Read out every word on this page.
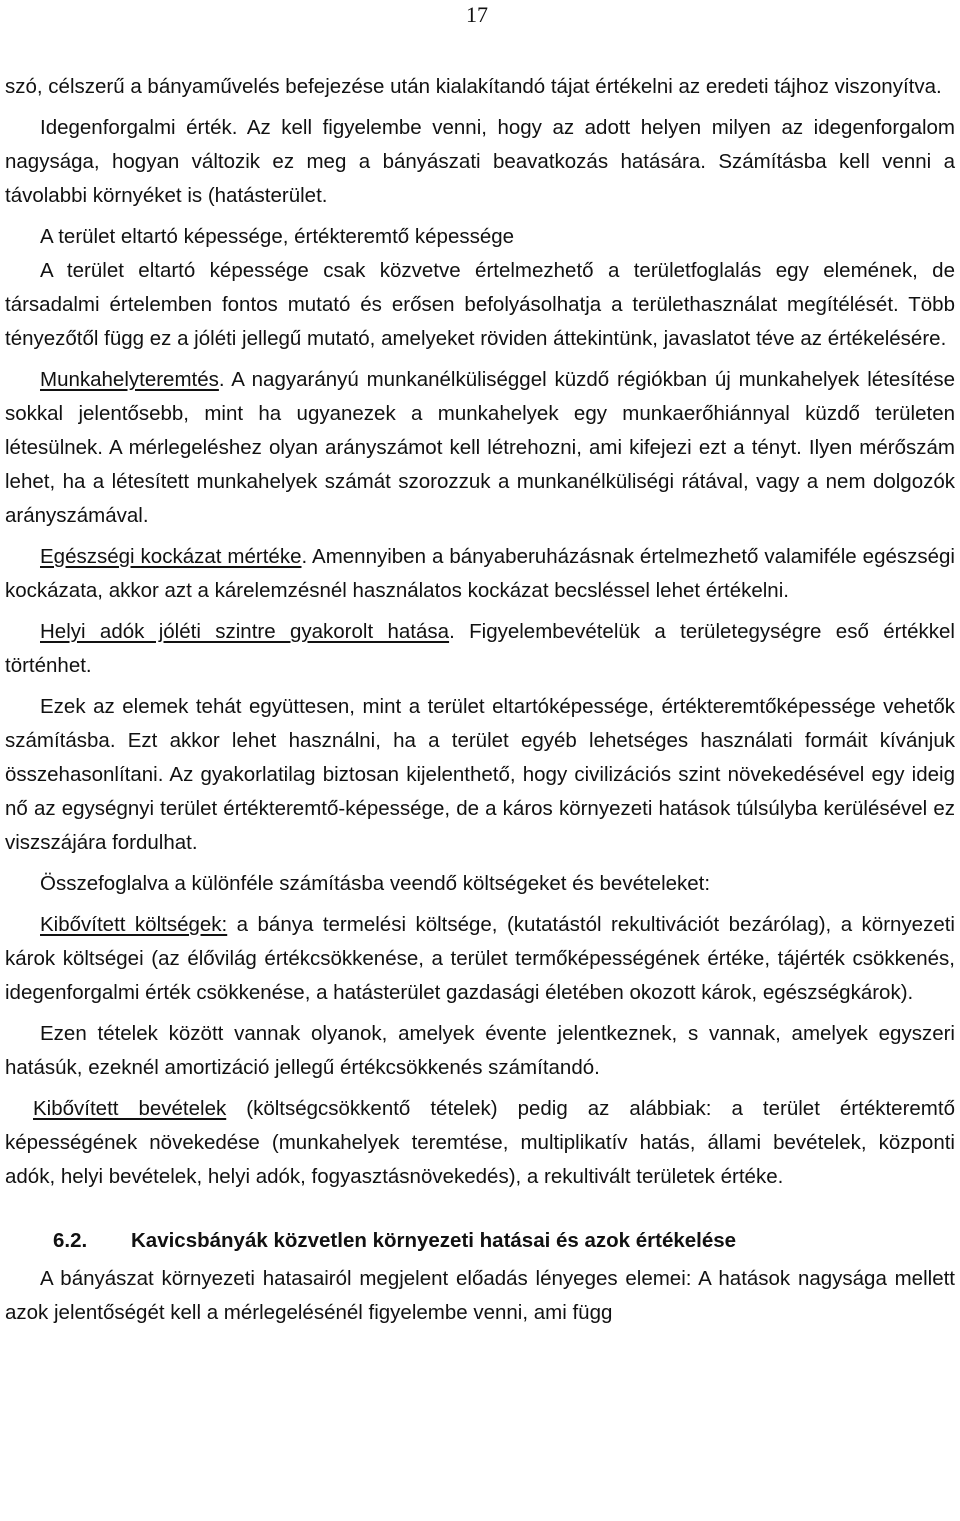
17

szó, célszerű a bányaművelés befejezése után kialakítandó tájat értékelni az eredeti tájhoz viszonyítva.

Idegenforgalmi érték. Az kell figyelembe venni, hogy az adott helyen milyen az idegenforgalom nagysága, hogyan változik ez meg a bányászati beavatkozás hatására. Számításba kell venni a távolabbi környéket is (hatásterület.

A terület eltartó képessége, értékteremtő képessége

A terület eltartó képessége csak közvetve értelmezhető a területfoglalás egy elemének, de társadalmi értelemben fontos mutató és erősen befolyásolhatja a területhasználat megítélését. Több tényezőtől függ ez a jóléti jellegű mutató, amelyeket röviden áttekintünk, javaslatot téve az értékelésére.

Munkahelyteremtés. A nagyarányú munkanélküliséggel küzdő régiókban új munkahelyek létesítése sokkal jelentősebb, mint ha ugyanezek a munkahelyek egy munkaerőhiánnyal küzdő területen létesülnek. A mérlegeléshez olyan arányszámot kell létrehozni, ami kifejezi ezt a tényt. Ilyen mérőszám lehet, ha a létesített munkahelyek számát szorozzuk a munkanélküliségi rátával, vagy a nem dolgozók arányszámával.

Egészségi kockázat mértéke. Amennyiben a bányaberuházásnak értelmezhető valamiféle egészségi kockázata, akkor azt a kárelemzésnél használatos kockázat becsléssel lehet értékelni.

Helyi adók jóléti szintre gyakorolt hatása. Figyelembevételük a területegységre eső értékkel történhet.

Ezek az elemek tehát együttesen, mint a terület eltartóképessége, értékteremtőképessége vehetők számításba. Ezt akkor lehet használni, ha a terület egyéb lehetséges használati formáit kívánjuk összehasonlítani. Az gyakorlatilag biztosan kijelenthető, hogy civilizációs szint növekedésével egy ideig nő az egységnyi terület értékteremtő-képessége, de a káros környezeti hatások túlsúlyba kerülésével ez viszszájára fordulhat.

Összefoglalva a különféle számításba veendő költségeket és bevételeket:

Kibővített költségek: a bánya termelési költsége, (kutatástól rekultivációt bezárólag), a környezeti károk költségei (az élővilág értékcsökkenése, a terület termőképességének értéke, tájérték csökkenés, idegenforgalmi érték csökkenése, a hatásterület gazdasági életében okozott károk, egészségkárok).

Ezen tételek között vannak olyanok, amelyek évente jelentkeznek, s vannak, amelyek egyszeri hatásúk, ezeknél amortizáció jellegű értékcsökkenés számítandó.

Kibővített bevételek (költségcsökkentő tételek) pedig az alábbiak: a terület értékteremtő képességének növekedése (munkahelyek teremtése, multiplikatív hatás, állami bevételek, központi adók, helyi bevételek, helyi adók, fogyasztásnövekedés), a rekultivált területek értéke.

6.2. Kavicsbányák közvetlen környezeti hatásai és azok értékelése

A bányászat környezeti hatasairól megjelent előadás lényeges elemei: A hatások nagysága mellett azok jelentőségét kell a mérlegelésénél figyelembe venni, ami függ
